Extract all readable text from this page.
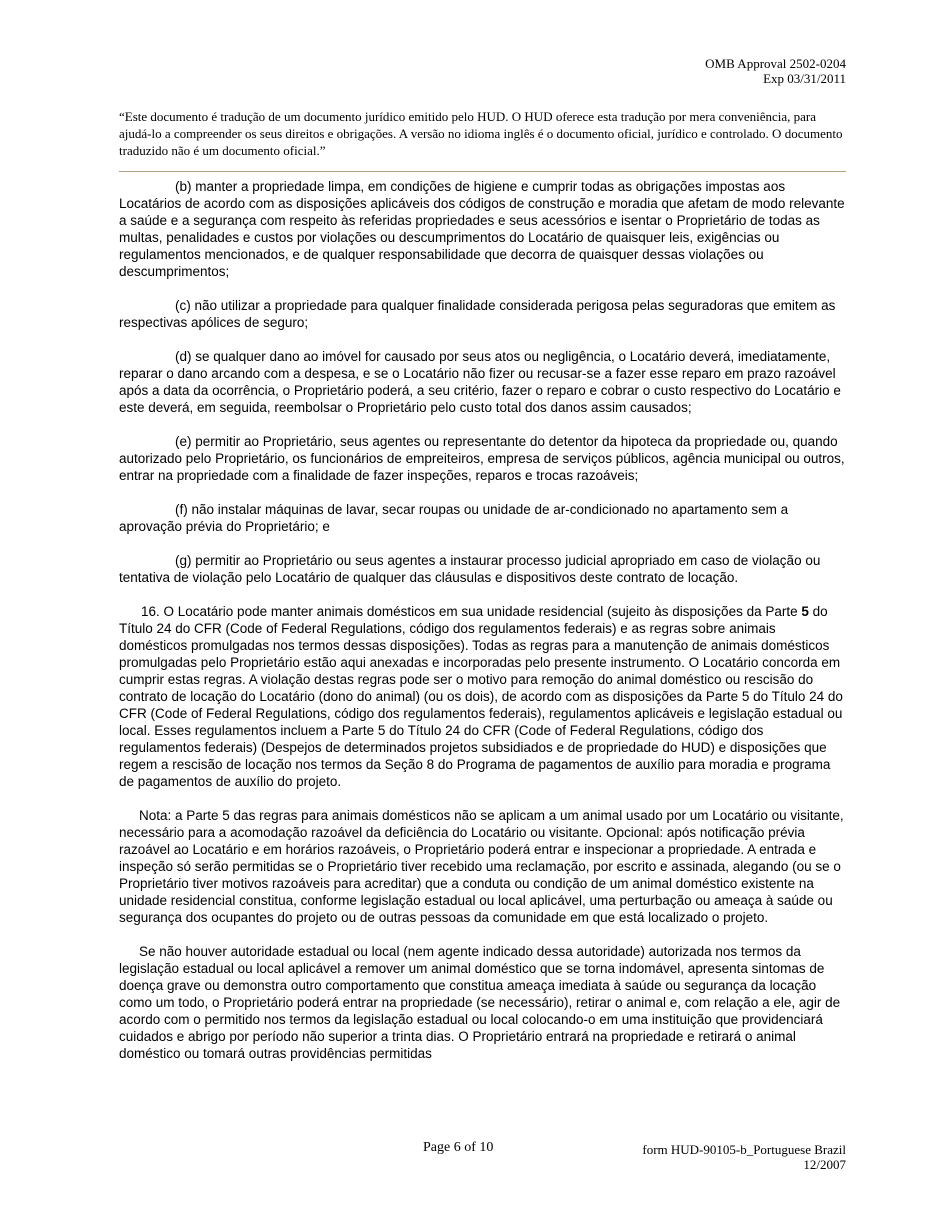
OMB Approval 2502-0204
Exp 03/31/2011
“Este documento é tradução de um documento jurídico emitido pelo HUD. O HUD oferece esta tradução por mera conveniência, para ajudá-lo a compreender os seus direitos e obrigações. A versão no idioma inglês é o documento oficial, jurídico e controlado. O documento traduzido não é um documento oficial.”

(b) manter a propriedade limpa, em condições de higiene e cumprir todas as obrigações impostas aos Locatários de acordo com as disposições aplicáveis dos códigos de construção e moradia que afetam de modo relevante a saúde e a segurança com respeito às referidas propriedades e seus acessórios e isentar o Proprietário de todas as multas, penalidades e custos por violações ou descumprimentos do Locatário de quaisquer leis, exigências ou regulamentos mencionados, e de qualquer responsabilidade que decorra de quaisquer dessas violações ou descumprimentos;

(c) não utilizar a propriedade para qualquer finalidade considerada perigosa pelas seguradoras que emitem as respectivas apólices de seguro;

(d) se qualquer dano ao imóvel for causado por seus atos ou negligência, o Locatário deverá, imediatamente, reparar o dano arcando com a despesa, e se o Locatário não fizer ou recusar-se a fazer esse reparo em prazo razoável após a data da ocorrência, o Proprietário poderá, a seu critério, fazer o reparo e cobrar o custo respectivo do Locatário e este deverá, em seguida, reembolsar o Proprietário pelo custo total dos danos assim causados;

(e) permitir ao Proprietário, seus agentes ou representante do detentor da hipoteca da propriedade ou, quando autorizado pelo Proprietário, os funcionários de empreiteiros, empresa de serviços públicos, agência municipal ou outros, entrar na propriedade com a finalidade de fazer inspeções, reparos e trocas razoáveis;

(f) não instalar máquinas de lavar, secar roupas ou unidade de ar-condicionado no apartamento sem a aprovação prévia do Proprietário; e

(g) permitir ao Proprietário ou seus agentes a instaurar processo judicial apropriado em caso de violação ou tentativa de violação pelo Locatário de qualquer das cláusulas e dispositivos deste contrato de locação.

16. O Locatário pode manter animais domésticos em sua unidade residencial (sujeito às disposições da Parte 5 do Título 24 do CFR (Code of Federal Regulations, código dos regulamentos federais) e as regras sobre animais domésticos promulgadas nos termos dessas disposições). Todas as regras para a manutenção de animais domésticos promulgadas pelo Proprietário estão aqui anexadas e incorporadas pelo presente instrumento. O Locatário concorda em cumprir estas regras. A violação destas regras pode ser o motivo para remoção do animal doméstico ou rescisão do contrato de locação do Locatário (dono do animal) (ou os dois), de acordo com as disposições da Parte 5 do Título 24 do CFR (Code of Federal Regulations, código dos regulamentos federais), regulamentos aplicáveis e legislação estadual ou local. Esses regulamentos incluem a Parte 5 do Título 24 do CFR (Code of Federal Regulations, código dos regulamentos federais) (Despejos de determinados projetos subsidiados e de propriedade do HUD) e disposições que regem a rescisão de locação nos termos da Seção 8 do Programa de pagamentos de auxílio para moradia e programa de pagamentos de auxílio do projeto.

Nota: a Parte 5 das regras para animais domésticos não se aplicam a um animal usado por um Locatário ou visitante, necessário para a acomodação razoável da deficiência do Locatário ou visitante. Opcional: após notificação prévia razoável ao Locatário e em horários razoáveis, o Proprietário poderá entrar e inspecionar a propriedade. A entrada e inspeção só serão permitidas se o Proprietário tiver recebido uma reclamação, por escrito e assinada, alegando (ou se o Proprietário tiver motivos razoáveis para acreditar) que a conduta ou condição de um animal doméstico existente na unidade residencial constitua, conforme legislação estadual ou local aplicável, uma perturbação ou ameaça à saúde ou segurança dos ocupantes do projeto ou de outras pessoas da comunidade em que está localizado o projeto.

Se não houver autoridade estadual ou local (nem agente indicado dessa autoridade) autorizada nos termos da legislação estadual ou local aplicável a remover um animal doméstico que se torna indomável, apresenta sintomas de doença grave ou demonstra outro comportamento que constitua ameaça imediata à saúde ou segurança da locação como um todo, o Proprietário poderá entrar na propriedade (se necessário), retirar o animal e, com relação a ele, agir de acordo com o permitido nos termos da legislação estadual ou local colocando-o em uma instituição que providenciará cuidados e abrigo por período não superior a trinta dias. O Proprietário entrará na propriedade e retirará o animal doméstico ou tomará outras providências permitidas

Page 6 of 10	form HUD-90105-b_Portuguese Brazil
12/2007
